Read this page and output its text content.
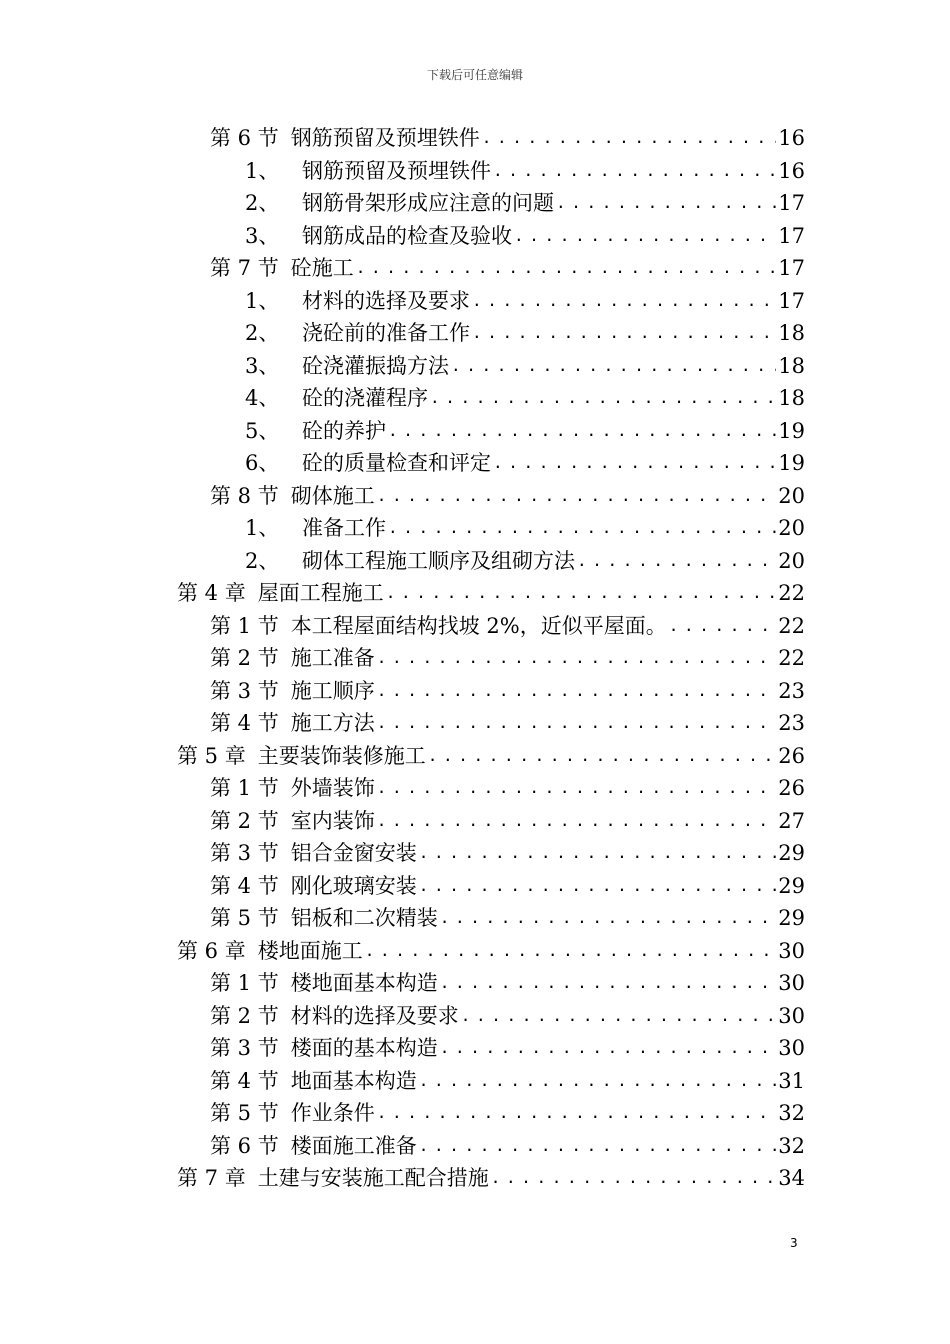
下载后可任意编辑
第 6 节 钢筋预留及预埋铁件 . . .	16
1、	钢筋预留及预埋铁件 . . .	16
2、	钢筋骨架形成应注意的问题 . . .	17
3、	钢筋成品的检查及验收 . . .	17
第 7 节 砼施工 . . .	17
1、	材料的选择及要求 . . .	17
2、	浇砼前的准备工作 . . .	18
3、	砼浇灌振捣方法 . . .	18
4、	砼的浇灌程序 . . .	18
5、	砼的养护 . . .	19
6、	砼的质量检查和评定 . . .	19
第 8 节 砌体施工 . . .	20
1、	准备工作 . . .	20
2、	砌体工程施工顺序及组砌方法 . . .	20
第 4 章 屋面工程施工 . . .	22
第 1 节 本工程屋面结构找坡 2%，近似平屋面。 . . .	22
第 2 节 施工准备 . . .	22
第 3 节 施工顺序 . . .	23
第 4 节 施工方法 . . .	23
第 5 章 主要装饰装修施工 . . .	26
第 1 节 外墙装饰 . . .	26
第 2 节 室内装饰 . . .	27
第 3 节 铝合金窗安装 . . .	29
第 4 节 刚化玻璃安装 . . .	29
第 5 节 铝板和二次精装 . . .	29
第 6 章 楼地面施工 . . .	30
第 1 节 楼地面基本构造 . . .	30
第 2 节 材料的选择及要求 . . .	30
第 3 节 楼面的基本构造 . . .	30
第 4 节 地面基本构造 . . .	31
第 5 节 作业条件 . . .	32
第 6 节 楼面施工准备 . . .	32
第 7 章 土建与安装施工配合措施 . . .	34
3
